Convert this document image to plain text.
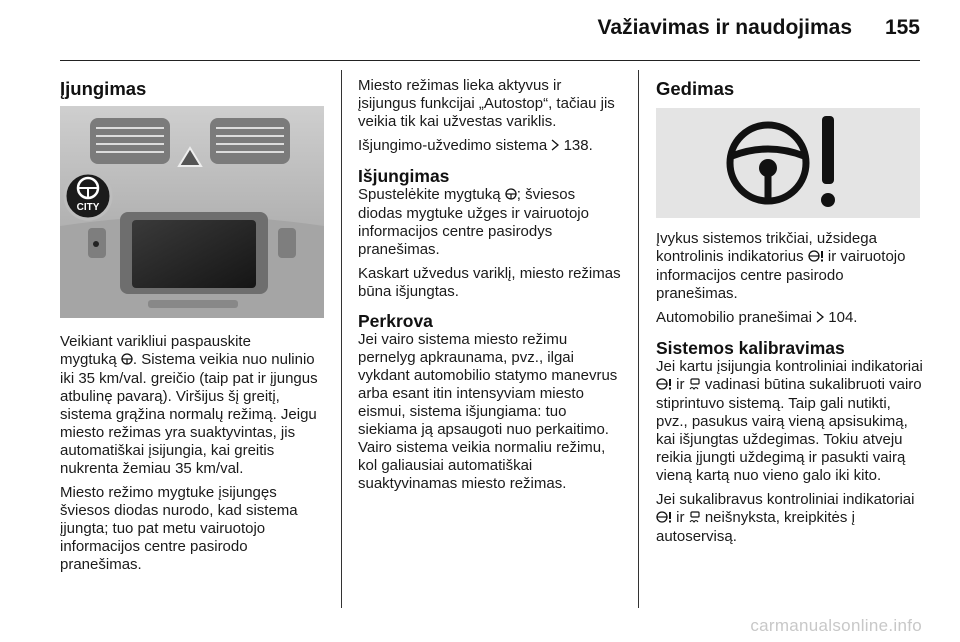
Važiavimas ir naudojimas 155
Įjungimas
CITY

Veikiant varikliui paspauskite
mygtuką . Sistema veikia nuo nulinio iki 35 km/val. greičio (taip pat ir įjungus atbulinę pavarą). Viršijus šį greitį, sistema grąžina normalų režimą. Jeigu miesto režimas yra suaktyvintas, jis automatiškai įsijungia, kai greitis nukrenta žemiau 35 km/val.

Miesto režimo mygtuke įsijungęs šviesos diodas nurodo, kad sistema įjungta; tuo pat metu vairuotojo informacijos centre pasirodo pranešimas.

Miesto režimas lieka aktyvus ir įsijungus funkcijai „Autostop“, tačiau jis veikia tik kai užvestas variklis.

Išjungimo-užvedimo sistema 138.

Išjungimas

Spustelėkite mygtuką ; šviesos diodas mygtuke užges ir vairuotojo informacijos centre pasirodys pranešimas.

Kaskart užvedus variklį, miesto režimas būna išjungtas.

Perkrova

Jei vairo sistema miesto režimu pernelyg apkraunama, pvz., ilgai vykdant automobilio statymo manevrus arba esant itin intensyviam miesto eismui, sistema išjungiama: tuo siekiama ją apsaugoti nuo perkaitimo. Vairo sistema veikia normaliu režimu, kol galiausiai automatiškai suaktyvinamas miesto režimas.

Gedimas

Įvykus sistemos trikčiai, užsidega kontrolinis indikatorius ir vairuotojo informacijos centre pasirodo pranešimas.

Automobilio pranešimai 104.

Sistemos kalibravimas

Jei kartu įsijungia kontroliniai indikatoriai  ir vadinasi būtina sukalibruoti vairo stiprintuvo sistemą. Taip gali nutikti, pvz., pasukus vairą vieną apsisukimą, kai išjungtas uždegimas. Tokiu atveju reikia įjungti uždegimą ir pasukti vairą vieną kartą nuo vieno galo iki kito.

Jei sukalibravus kontroliniai indikatoriai  ir neišnyksta, kreipkitės į autoservisą.

carmanualsonline.info
